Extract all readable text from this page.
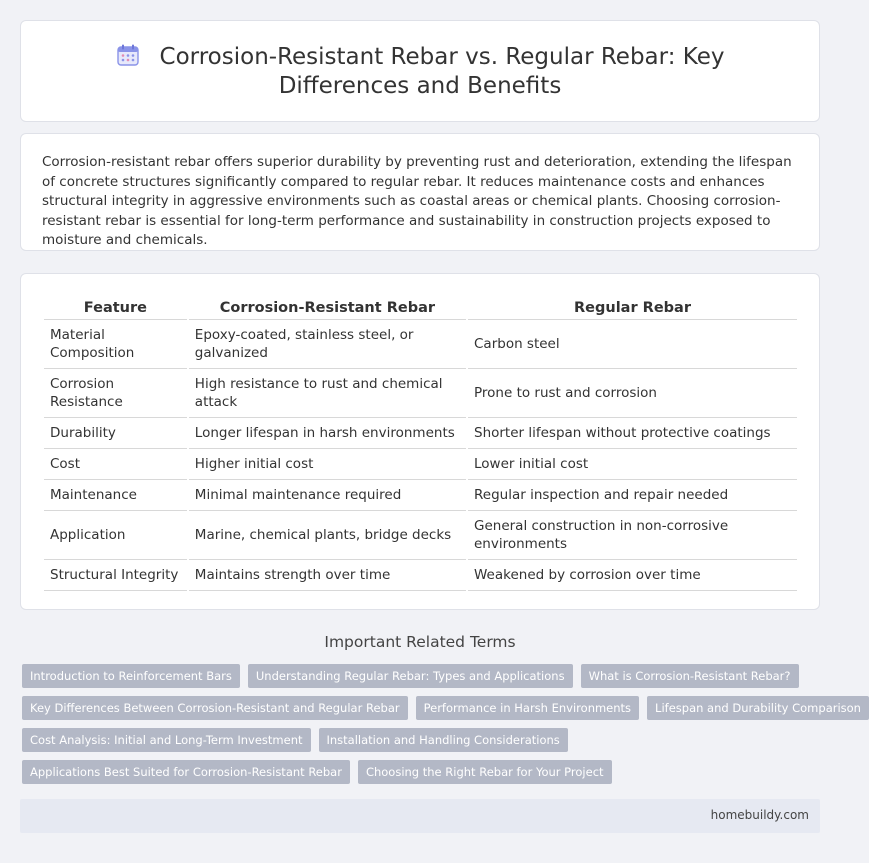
Corrosion-Resistant Rebar vs. Regular Rebar: Key Differences and Benefits

Corrosion-resistant rebar offers superior durability by preventing rust and deterioration, extending the lifespan of concrete structures significantly compared to regular rebar. It reduces maintenance costs and enhances structural integrity in aggressive environments such as coastal areas or chemical plants. Choosing corrosion-resistant rebar is essential for long-term performance and sustainability in construction projects exposed to moisture and chemicals.

Feature	Corrosion-Resistant Rebar	Regular Rebar
Material Composition	Epoxy-coated, stainless steel, or galvanized	Carbon steel
Corrosion Resistance	High resistance to rust and chemical attack	Prone to rust and corrosion
Durability	Longer lifespan in harsh environments	Shorter lifespan without protective coatings
Cost	Higher initial cost	Lower initial cost
Maintenance	Minimal maintenance required	Regular inspection and repair needed
Application	Marine, chemical plants, bridge decks	General construction in non-corrosive environments
Structural Integrity	Maintains strength over time	Weakened by corrosion over time
Important Related Terms
Introduction to Reinforcement Bars	Understanding Regular Rebar: Types and Applications	What is Corrosion-Resistant Rebar?
Key Differences Between Corrosion-Resistant and Regular Rebar	Performance in Harsh Environments	Lifespan and Durability Comparison
Cost Analysis: Initial and Long-Term Investment	Installation and Handling Considerations
Applications Best Suited for Corrosion-Resistant Rebar	Choosing the Right Rebar for Your Project
homebuildy.com
